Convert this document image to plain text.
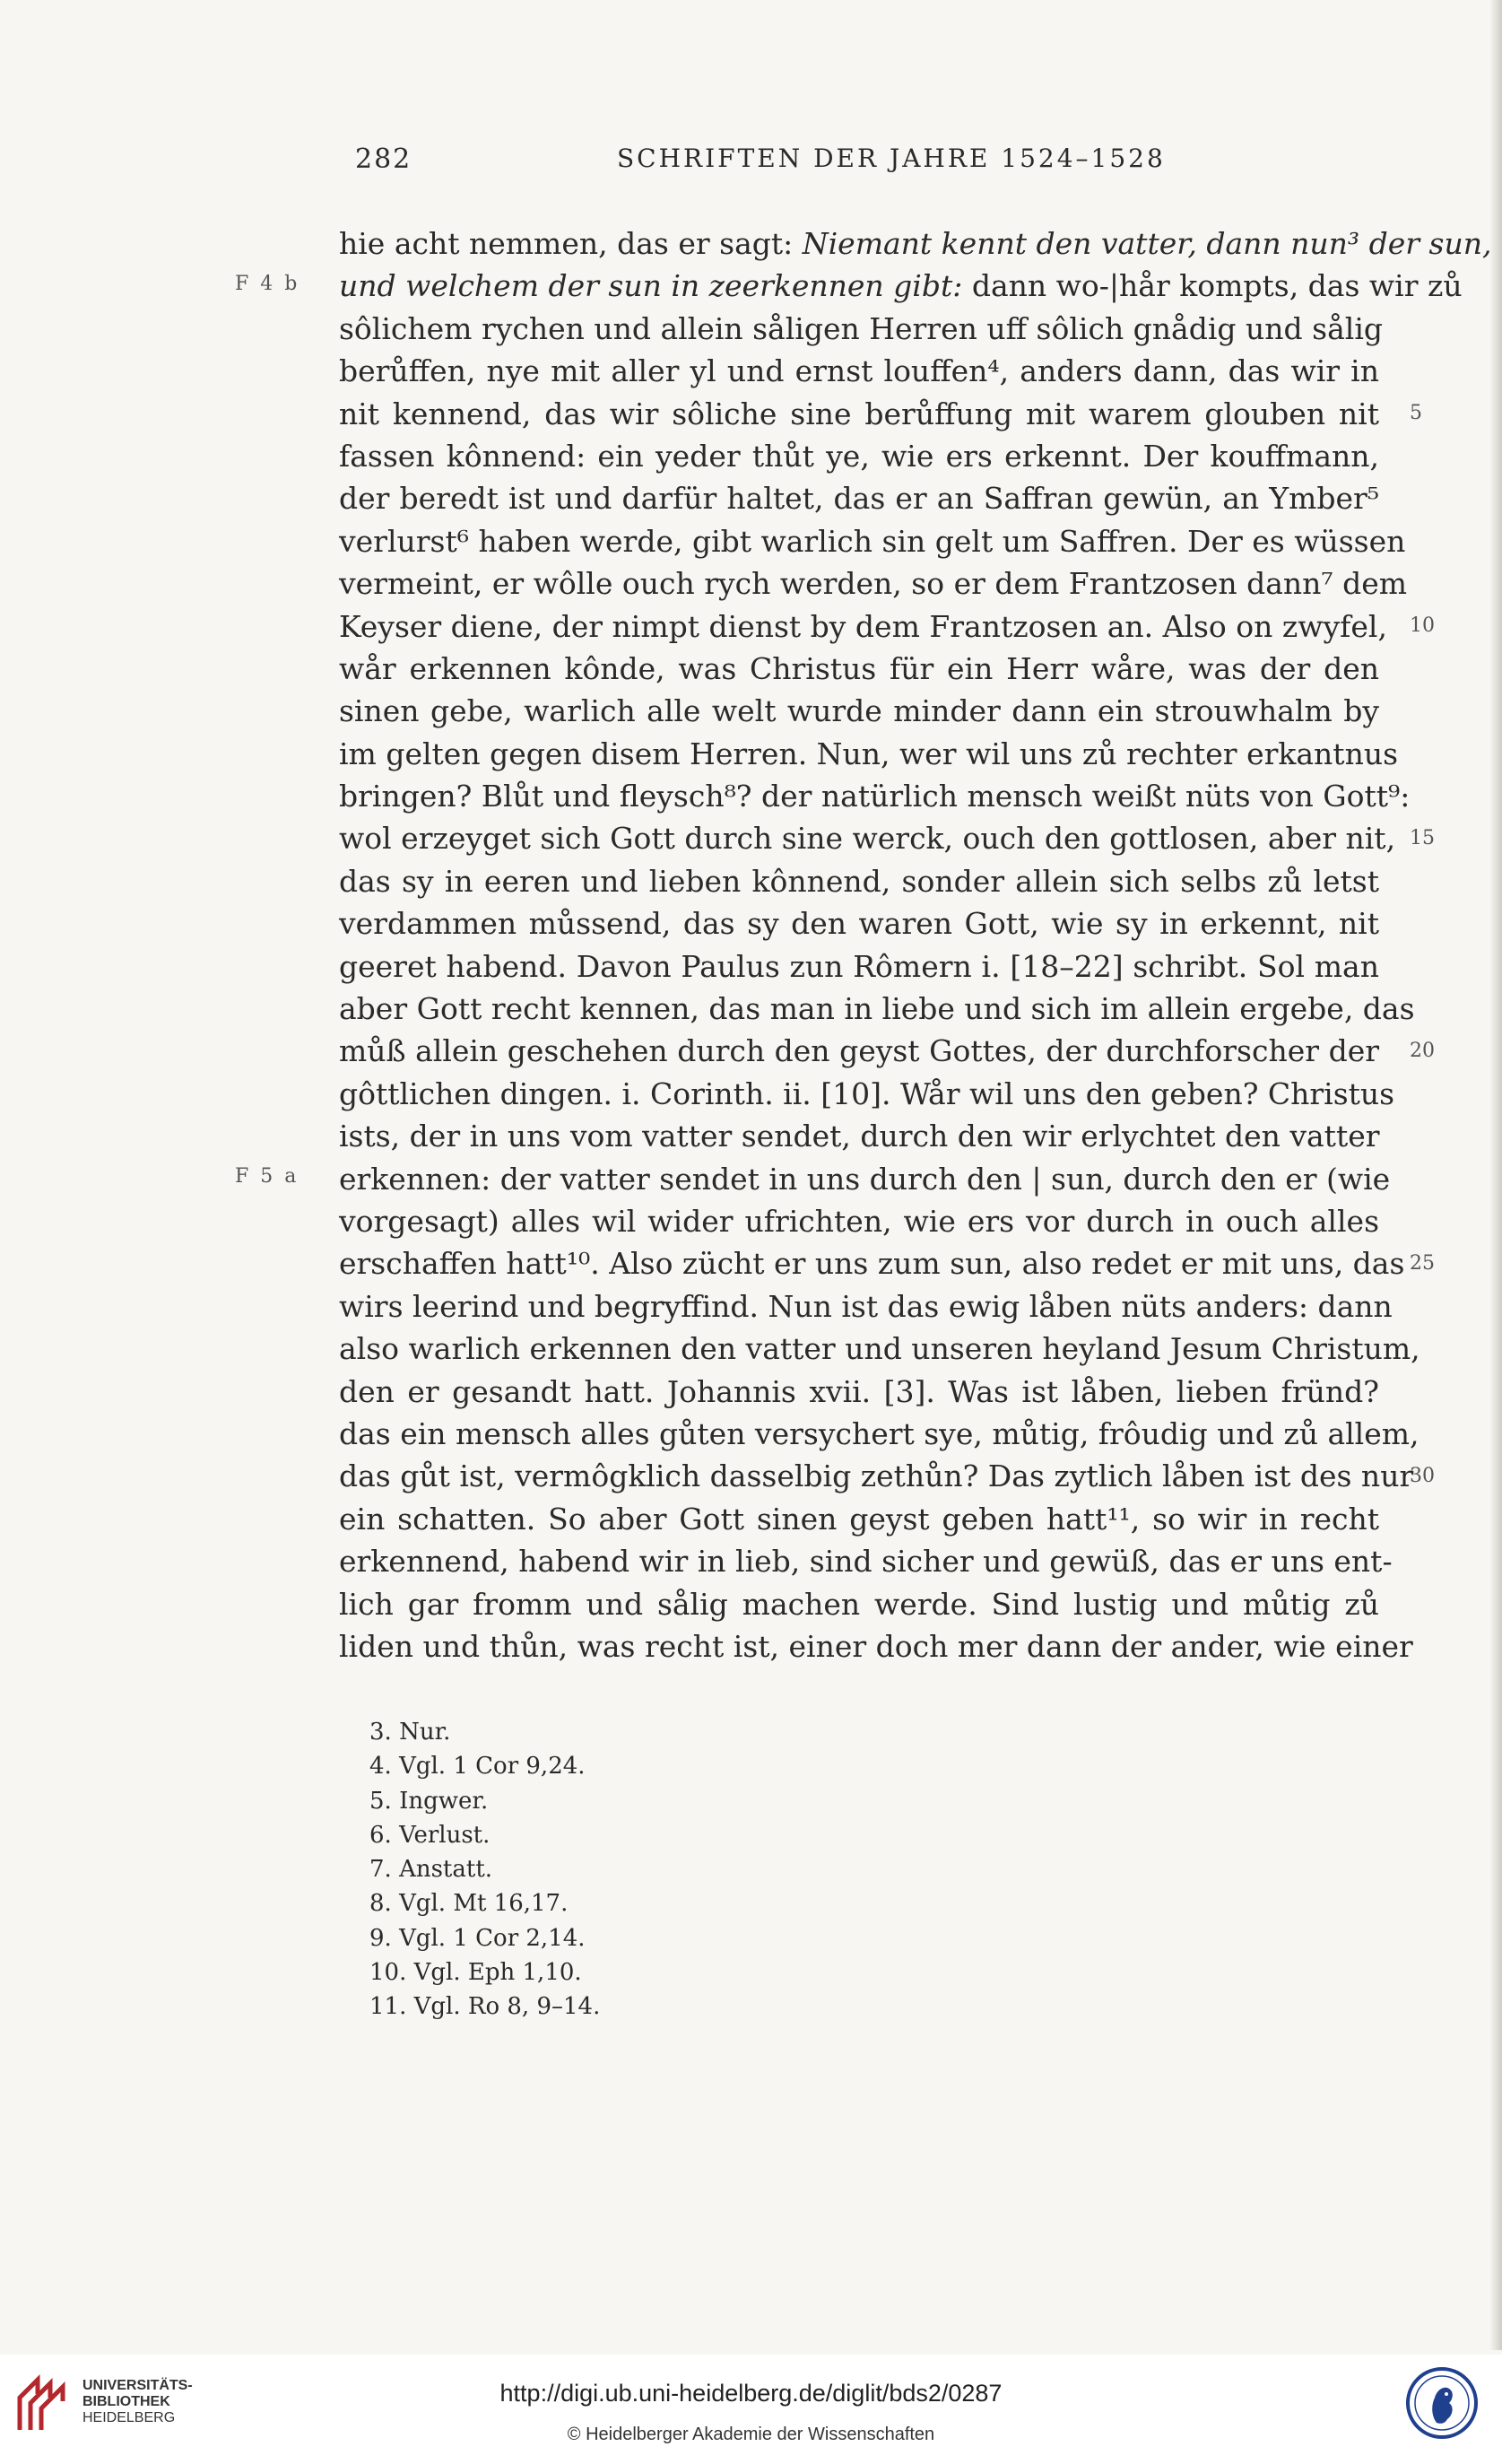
282	SCHRIFTEN DER JAHRE 1524–1528
F 4 b
F 5 a
5
10
15
20
25
30
hie acht nemmen, das er sagt: Niemant kennt den vatter, dann nun³ der sun,
und welchem der sun in zeerkennen gibt: dann wo-|hår kompts, das wir zů
sôlichem rychen und allein såligen Herren uff sôlich gnådig und sålig
berůffen, nye mit aller yl und ernst louffen⁴, anders dann, das wir in
nit kennend, das wir sôliche sine berůffung mit warem glouben nit
fassen kônnend: ein yeder thůt ye, wie ers erkennt. Der kouffmann,
der beredt ist und darfür haltet, das er an Saffran gewün, an Ymber⁵
verlurst⁶ haben werde, gibt warlich sin gelt um Saffren. Der es wüssen
vermeint, er wôlle ouch rych werden, so er dem Frantzosen dann⁷ dem
Keyser diene, der nimpt dienst by dem Frantzosen an. Also on zwyfel,
wår erkennen kônde, was Christus für ein Herr wåre, was der den
sinen gebe, warlich alle welt wurde minder dann ein strouwhalm by
im gelten gegen disem Herren. Nun, wer wil uns zů rechter erkantnus
bringen? Blůt und fleysch⁸? der natürlich mensch weißt nüts von Gott⁹:
wol erzeyget sich Gott durch sine werck, ouch den gottlosen, aber nit,
das sy in eeren und lieben kônnend, sonder allein sich selbs zů letst
verdammen můssend, das sy den waren Gott, wie sy in erkennt, nit
geeret habend. Davon Paulus zun Rômern i. [18–22] schribt. Sol man
aber Gott recht kennen, das man in liebe und sich im allein ergebe, das
můß allein geschehen durch den geyst Gottes, der durchforscher der
gôttlichen dingen. i. Corinth. ii. [10]. Wår wil uns den geben? Christus
ists, der in uns vom vatter sendet, durch den wir erlychtet den vatter
erkennen: der vatter sendet in uns durch den | sun, durch den er (wie
vorgesagt) alles wil wider ufrichten, wie ers vor durch in ouch alles
erschaffen hatt¹⁰. Also zücht er uns zum sun, also redet er mit uns, das
wirs leerind und begryffind. Nun ist das ewig låben nüts anders: dann
also warlich erkennen den vatter und unseren heyland Jesum Christum,
den er gesandt hatt. Johannis xvii. [3]. Was ist låben, lieben fründ?
das ein mensch alles gůten versychert sye, můtig, frôudig und zů allem,
das gůt ist, vermôgklich dasselbig zethůn? Das zytlich låben ist des nur
ein schatten. So aber Gott sinen geyst geben hatt¹¹, so wir in recht
erkennend, habend wir in lieb, sind sicher und gewüß, das er uns ent-
lich gar fromm und sålig machen werde. Sind lustig und můtig zů
liden und thůn, was recht ist, einer doch mer dann der ander, wie einer
3. Nur.
4. Vgl. 1 Cor 9,24.
5. Ingwer.
6. Verlust.
7. Anstatt.
8. Vgl. Mt 16,17.
9. Vgl. 1 Cor 2,14.
10. Vgl. Eph 1,10.
11. Vgl. Ro 8, 9–14.
UNIVERSITÄTS-
BIBLIOTHEK
HEIDELBERG
http://digi.ub.uni-heidelberg.de/diglit/bds2/0287
© Heidelberger Akademie der Wissenschaften
